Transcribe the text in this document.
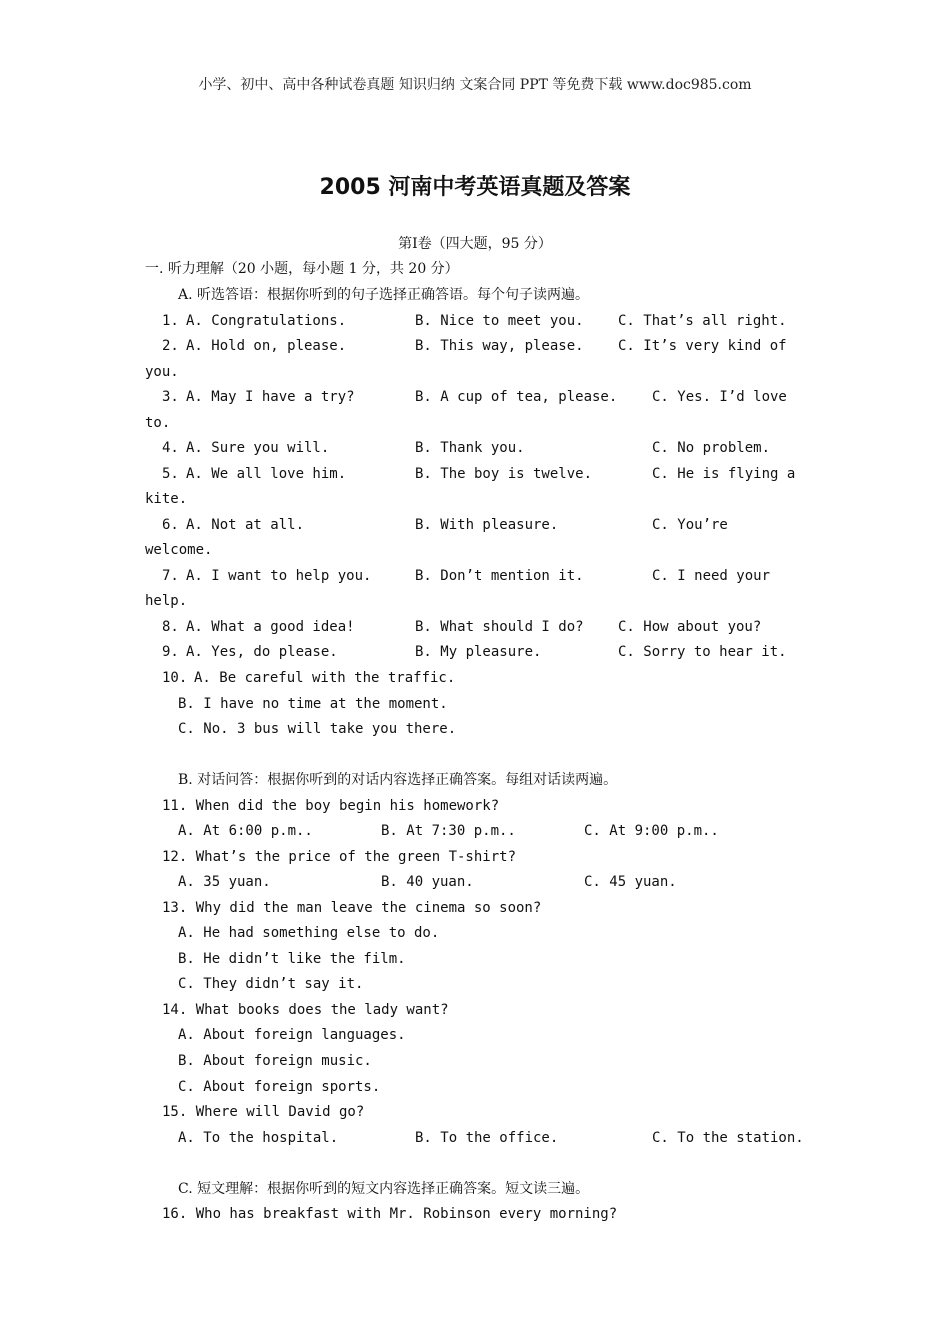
小学、初中、高中各种试卷真题 知识归纳 文案合同 PPT 等免费下载 www.doc985.com
2005 河南中考英语真题及答案
第Ⅰ卷（四大题，95 分）
一. 听力理解（20 小题，每小题 1 分，共 20 分）
A. 听选答语：根据你听到的句子选择正确答语。每个句子读两遍。
1. A. Congratulations.	B. Nice to meet you. C. That’s all right.
2. A. Hold on, please.	B. This way, please. C. It’s very kind of
you.
3. A. May I have a try?	B. A cup of tea, please. C. Yes. I’d love
to.
4. A. Sure you will.	B. Thank you.	C. No problem.
5. A. We all love him.	B. The boy is twelve.	C. He is flying a
kite.
6. A. Not at all.	B. With pleasure.	C. You’re
welcome.
7. A. I want to help you.	B. Don’t mention it.	C. I need your
help.
8. A. What a good idea!	B. What should I do? C. How about you?
9. A. Yes, do please.	B. My pleasure.	C. Sorry to hear it.
10. A. Be careful with the traffic.
B. I have no time at the moment.
C. No. 3 bus will take you there.
B. 对话问答：根据你听到的对话内容选择正确答案。每组对话读两遍。
11. When did the boy begin his homework?
A. At 6:00 p.m..	B. At 7:30 p.m..	C. At 9:00 p.m..
12. What’s the price of the green T-shirt?
A. 35 yuan.	B. 40 yuan.	C. 45 yuan.
13. Why did the man leave the cinema so soon?
A. He had something else to do.
B. He didn’t like the film.
C. They didn’t say it.
14. What books does the lady want?
A. About foreign languages.
B. About foreign music.
C. About foreign sports.
15. Where will David go?
A. To the hospital.	B. To the office.	C. To the station.
C. 短文理解：根据你听到的短文内容选择正确答案。短文读三遍。
16. Who has breakfast with Mr. Robinson every morning?
